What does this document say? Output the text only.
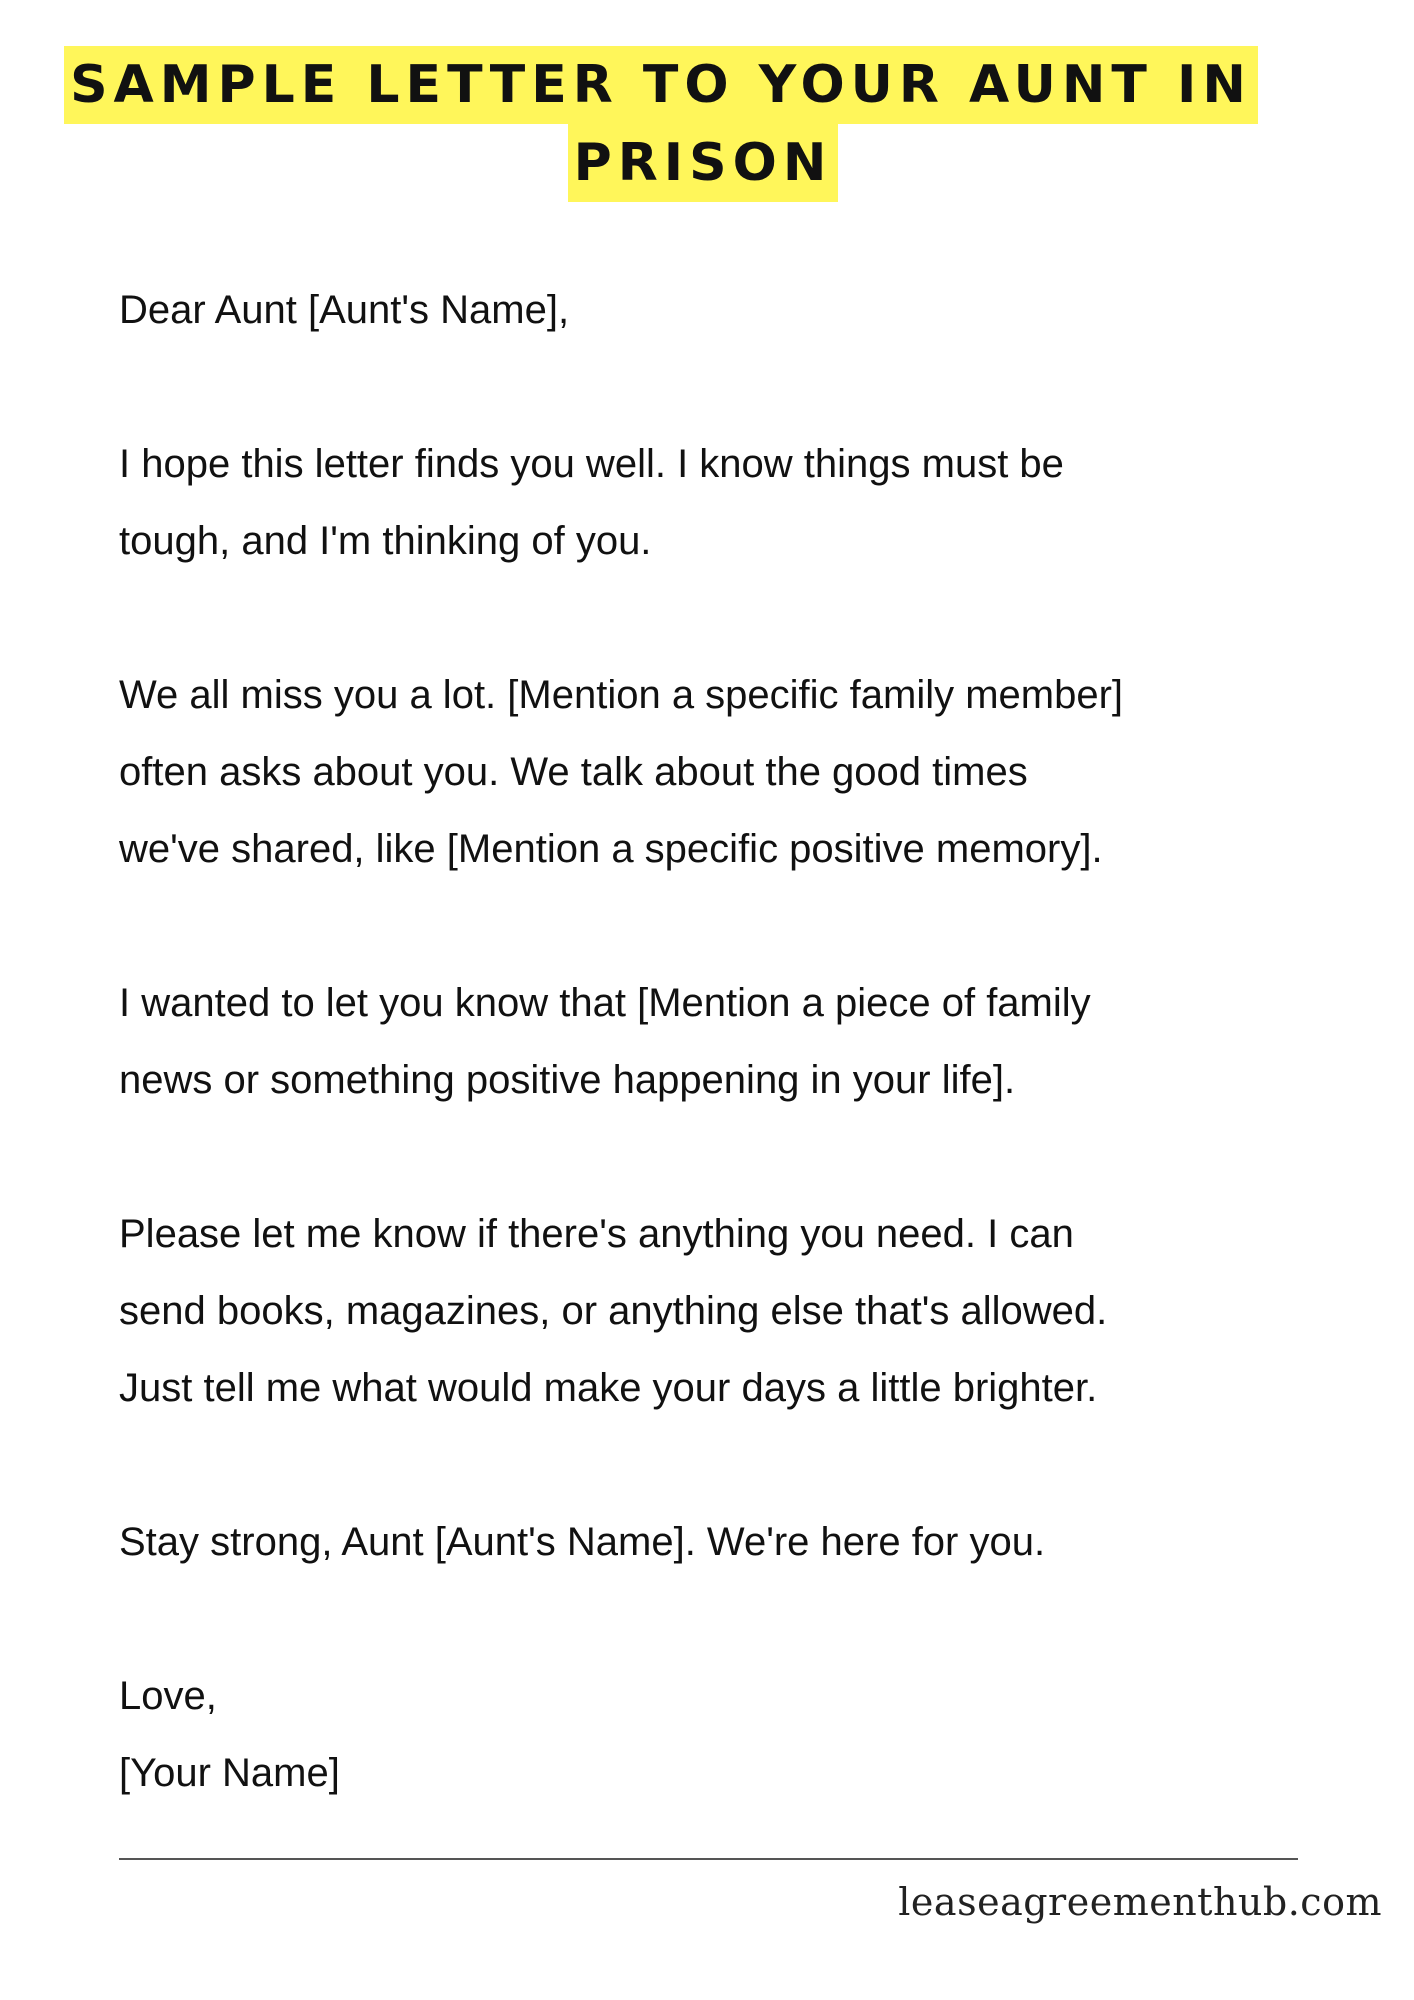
SAMPLE LETTER TO YOUR AUNT IN
PRISON

Dear Aunt [Aunt's Name],

I hope this letter finds you well. I know things must be
tough, and I'm thinking of you.

We all miss you a lot. [Mention a specific family member]
often asks about you. We talk about the good times
we've shared, like [Mention a specific positive memory].

I wanted to let you know that [Mention a piece of family
news or something positive happening in your life].

Please let me know if there's anything you need. I can
send books, magazines, or anything else that's allowed.
Just tell me what would make your days a little brighter.

Stay strong, Aunt [Aunt's Name]. We're here for you.

Love,
[Your Name]

leaseagreementhub.com
